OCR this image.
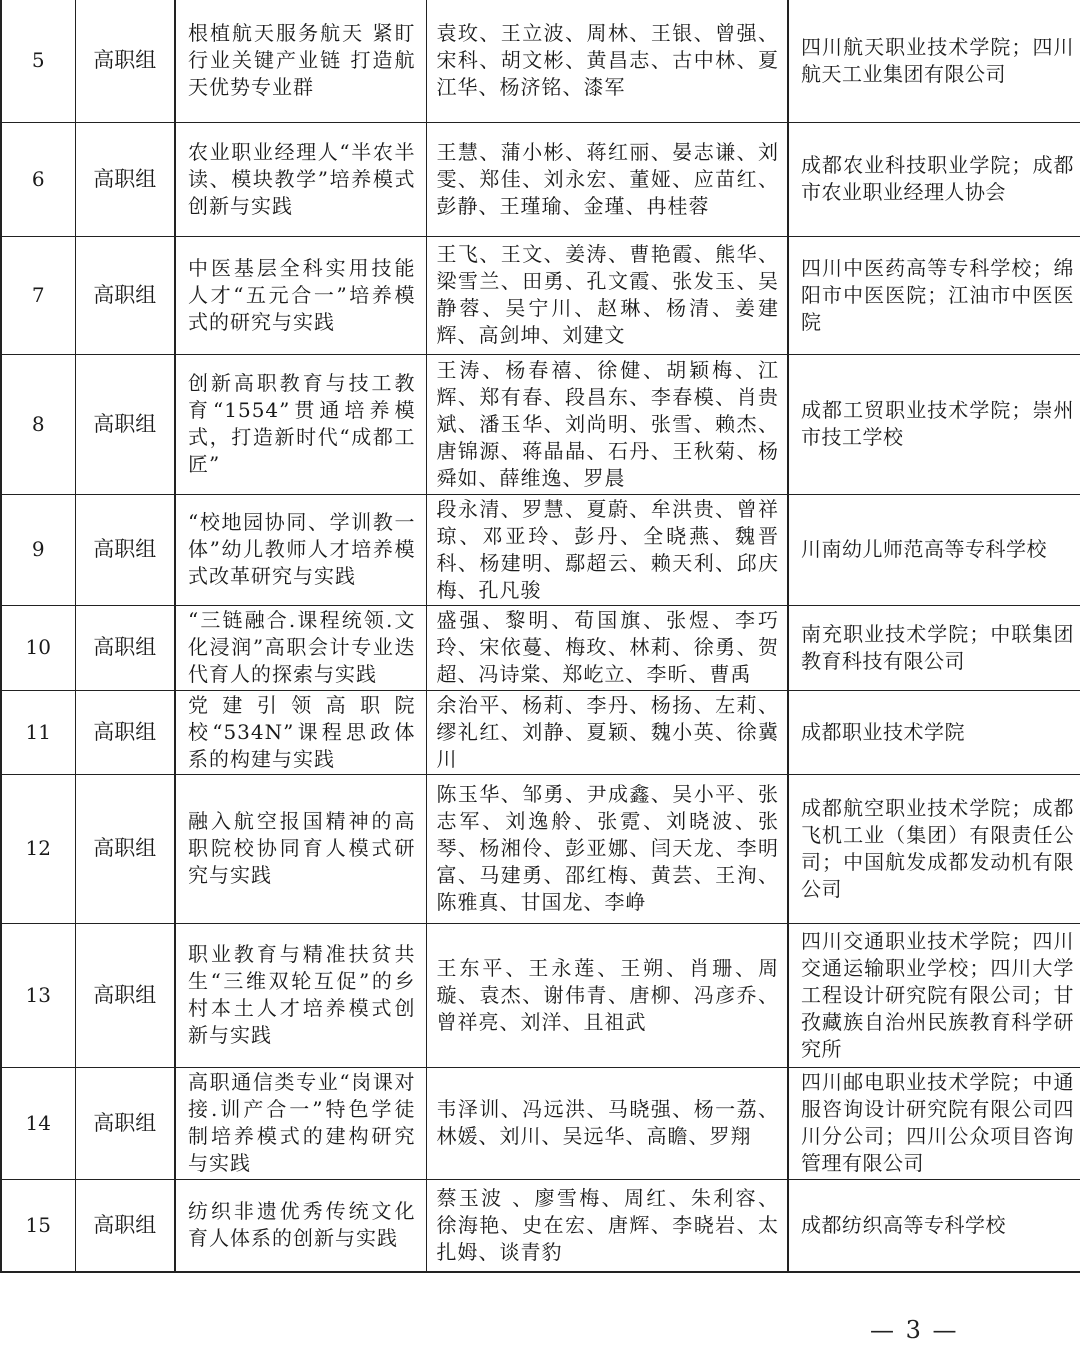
5	高职组	根植航天服务航天 紧盯行业关键产业链 打造航天优势专业群	袁玫、王立波、周林、王银、曾强、宋科、胡文彬、黄昌志、古中林、夏江华、杨济铭、漆军	四川航天职业技术学院；四川航天工业集团有限公司
6	高职组	农业职业经理人“半农半读、模块教学”培养模式创新与实践	王慧、蒲小彬、蒋红丽、晏志谦、刘雯、郑佳、刘永宏、董娅、应苗红、彭静、王瑾瑜、金瑾、冉桂蓉	成都农业科技职业学院；成都市农业职业经理人协会
7	高职组	中医基层全科实用技能人才“五元合一”培养模式的研究与实践	王飞、王文、姜涛、曹艳霞、熊华、梁雪兰、田勇、孔文霞、张发玉、吴静蓉、吴宁川、赵琳、杨清、姜建辉、高剑坤、刘建文	四川中医药高等专科学校；绵阳市中医医院；江油市中医医院
8	高职组	创新高职教育与技工教育“1554”贯通培养模式，打造新时代“成都工匠”	王涛、杨春禧、徐健、胡颖梅、江辉、郑有春、段昌东、李春模、肖贵斌、潘玉华、刘尚明、张雪、赖杰、唐锦源、蒋晶晶、石丹、王秋菊、杨舜如、薛维逸、罗晨	成都工贸职业技术学院；崇州市技工学校
9	高职组	“校地园协同、学训教一体”幼儿教师人才培养模式改革研究与实践	段永清、罗慧、夏蔚、牟洪贵、曾祥琼、邓亚玲、彭丹、全晓燕、魏晋科、杨建明、鄢超云、赖天利、邱庆梅、孔凡骏	川南幼儿师范高等专科学校
10	高职组	“三链融合.课程统领.文化浸润”高职会计专业迭代育人的探索与实践	盛强、黎明、荀国旗、张煜、李巧玲、宋依蔓、梅玫、林莉、徐勇、贺超、冯诗棠、郑屹立、李昕、曹禹	南充职业技术学院；中联集团教育科技有限公司
11	高职组	党建引领高职院校“534N”课程思政体系的构建与实践	余治平、杨莉、李丹、杨扬、左莉、缪礼红、刘静、夏颖、魏小英、徐冀川	成都职业技术学院
12	高职组	融入航空报国精神的高职院校协同育人模式研究与实践	陈玉华、邹勇、尹成鑫、吴小平、张志军、刘逸舲、张霓、刘晓波、张琴、杨湘伶、彭亚娜、闫天龙、李明富、马建勇、邵红梅、黄芸、王洵、陈雅真、甘国龙、李峥	成都航空职业技术学院；成都飞机工业（集团）有限责任公司；中国航发成都发动机有限公司
13	高职组	职业教育与精准扶贫共生“三维双轮互促”的乡村本土人才培养模式创新与实践	王东平、王永莲、王朔、肖珊、周璇、袁杰、谢伟青、唐柳、冯彦乔、曾祥亮、刘洋、且祖武	四川交通职业技术学院；四川交通运输职业学校；四川大学工程设计研究院有限公司；甘孜藏族自治州民族教育科学研究所
14	高职组	高职通信类专业“岗课对接.训产合一”特色学徒制培养模式的建构研究与实践	韦泽训、冯远洪、马晓强、杨一荔、林媛、刘川、吴远华、高瞻、罗翔	四川邮电职业技术学院；中通服咨询设计研究院有限公司四川分公司；四川公众项目咨询管理有限公司
15	高职组	纺织非遗优秀传统文化育人体系的创新与实践	蔡玉波 、廖雪梅、周红、朱利容、徐海艳、史在宏、唐辉、李晓岩、太扎姆、谈青豹	成都纺织高等专科学校
— 3 —
